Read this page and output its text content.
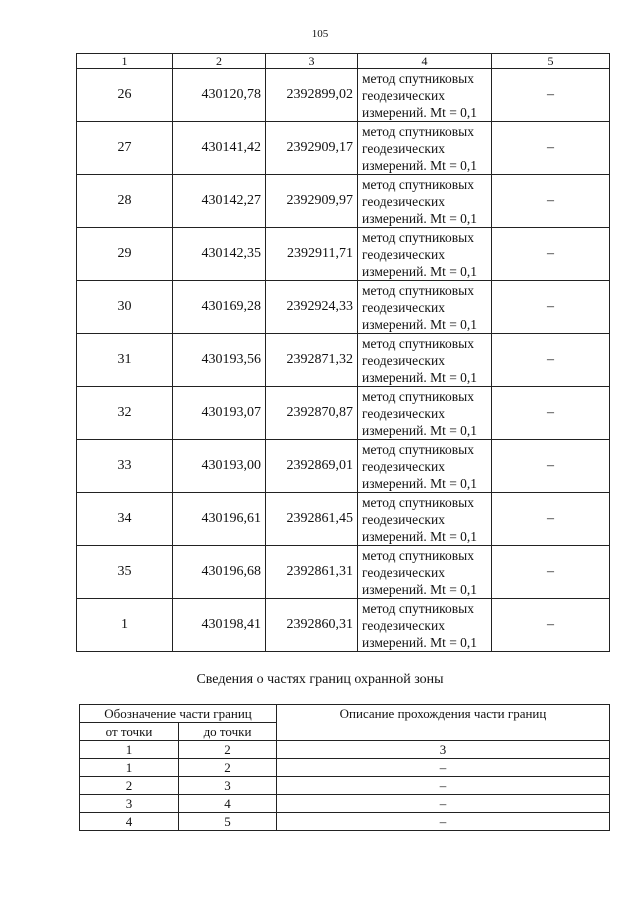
105
1	2	3	4	5
26	430120,78	2392899,02	метод спутниковых
геодезических
измерений. Mt = 0,1	–
27	430141,42	2392909,17	метод спутниковых
геодезических
измерений. Mt = 0,1	–
28	430142,27	2392909,97	метод спутниковых
геодезических
измерений. Mt = 0,1	–
29	430142,35	2392911,71	метод спутниковых
геодезических
измерений. Mt = 0,1	–
30	430169,28	2392924,33	метод спутниковых
геодезических
измерений. Mt = 0,1	–
31	430193,56	2392871,32	метод спутниковых
геодезических
измерений. Mt = 0,1	–
32	430193,07	2392870,87	метод спутниковых
геодезических
измерений. Mt = 0,1	–
33	430193,00	2392869,01	метод спутниковых
геодезических
измерений. Mt = 0,1	–
34	430196,61	2392861,45	метод спутниковых
геодезических
измерений. Mt = 0,1	–
35	430196,68	2392861,31	метод спутниковых
геодезических
измерений. Mt = 0,1	–
1	430198,41	2392860,31	метод спутниковых
геодезических
измерений. Mt = 0,1	–
Сведения о частях границ охранной зоны
Обозначение части границ		Описание прохождения части границ
от точки	до точки	
1	2	3
1	2	–
2	3	–
3	4	–
4	5	–
